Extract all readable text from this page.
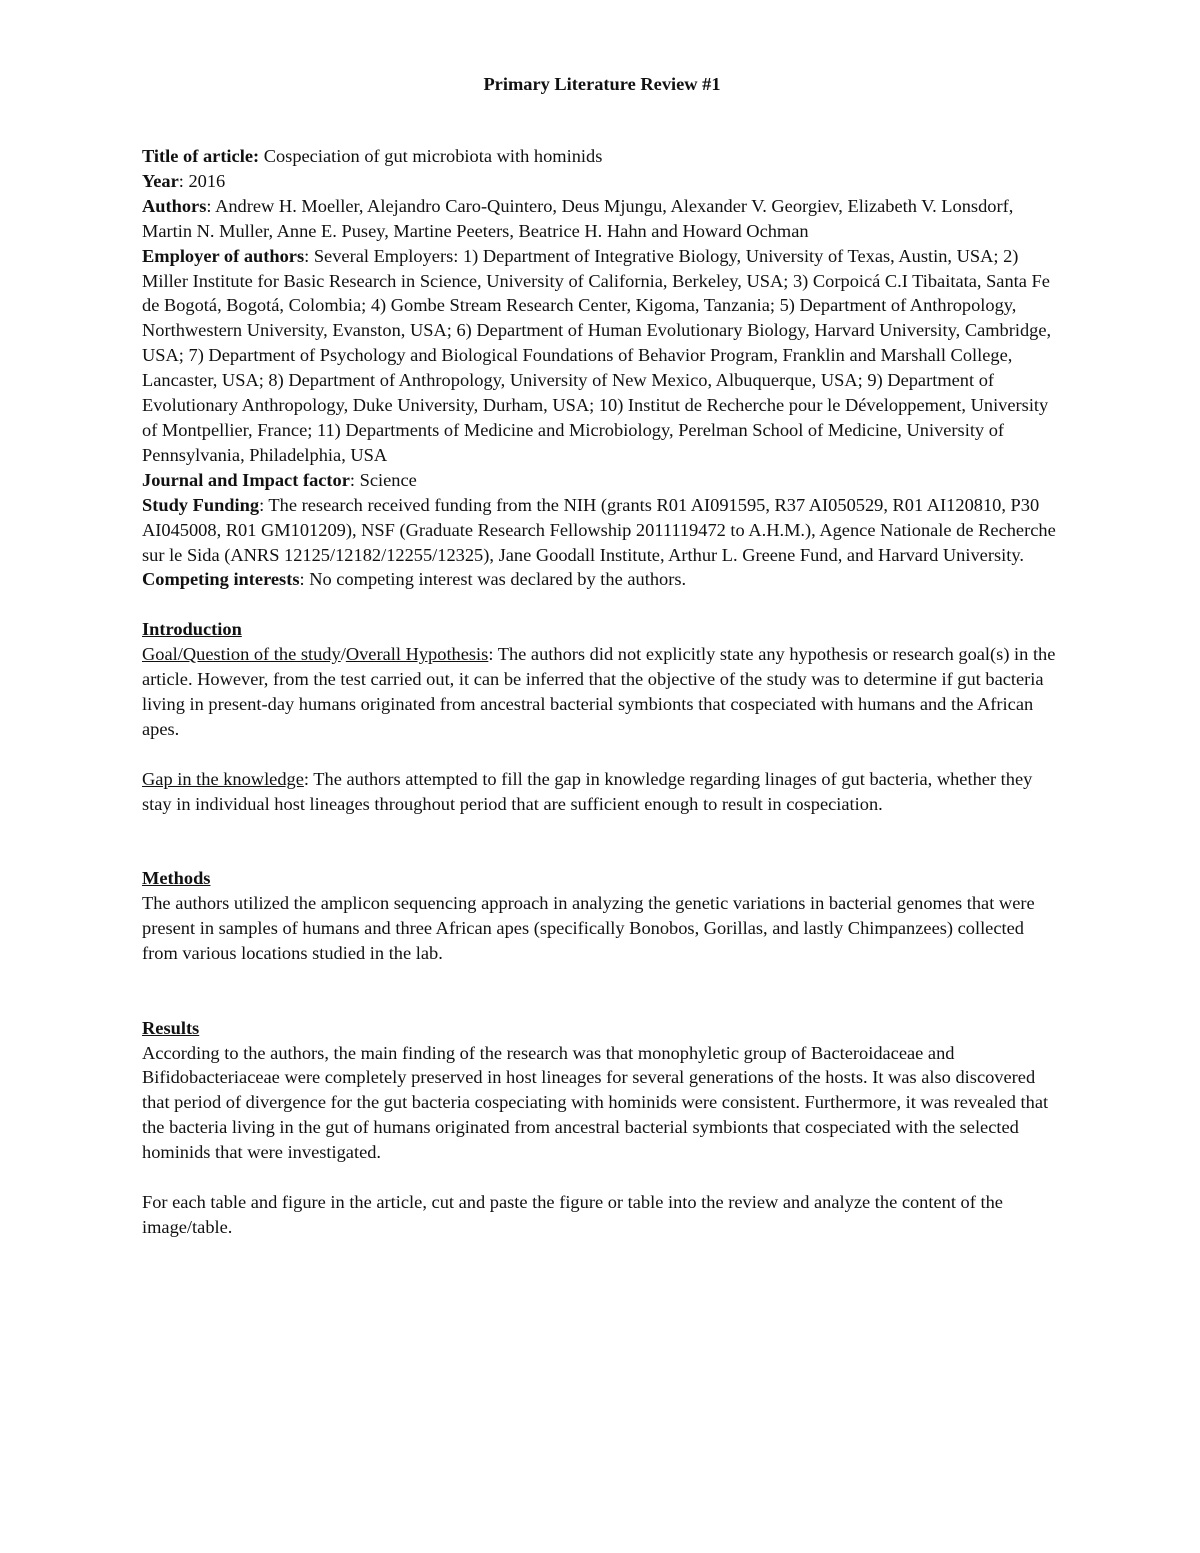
Primary Literature Review #1

Title of article: Cospeciation of gut microbiota with hominids

Year: 2016

Authors: Andrew H. Moeller, Alejandro Caro-Quintero, Deus Mjungu, Alexander V. Georgiev, Elizabeth V. Lonsdorf, Martin N. Muller, Anne E. Pusey, Martine Peeters, Beatrice H. Hahn and Howard Ochman

Employer of authors: Several Employers: 1) Department of Integrative Biology, University of Texas, Austin, USA; 2) Miller Institute for Basic Research in Science, University of California, Berkeley, USA; 3) Corpoicá C.I Tibaitata, Santa Fe de Bogotá, Bogotá, Colombia; 4) Gombe Stream Research Center, Kigoma, Tanzania; 5) Department of Anthropology, Northwestern University, Evanston, USA; 6) Department of Human Evolutionary Biology, Harvard University, Cambridge, USA; 7) Department of Psychology and Biological Foundations of Behavior Program, Franklin and Marshall College, Lancaster, USA; 8) Department of Anthropology, University of New Mexico, Albuquerque, USA; 9) Department of Evolutionary Anthropology, Duke University, Durham, USA; 10) Institut de Recherche pour le Développement, University of Montpellier, France; 11) Departments of Medicine and Microbiology, Perelman School of Medicine, University of Pennsylvania, Philadelphia, USA

Journal and Impact factor: Science

Study Funding: The research received funding from the NIH (grants R01 AI091595, R37 AI050529, R01 AI120810, P30 AI045008, R01 GM101209), NSF (Graduate Research Fellowship 2011119472 to A.H.M.), Agence Nationale de Recherche sur le Sida (ANRS 12125/12182/12255/12325), Jane Goodall Institute, Arthur L. Greene Fund, and Harvard University.

Competing interests: No competing interest was declared by the authors.

Introduction

Goal/Question of the study/Overall Hypothesis: The authors did not explicitly state any hypothesis or research goal(s) in the article. However, from the test carried out, it can be inferred that the objective of the study was to determine if gut bacteria living in present-day humans originated from ancestral bacterial symbionts that cospeciated with humans and the African apes.

Gap in the knowledge: The authors attempted to fill the gap in knowledge regarding linages of gut bacteria, whether they stay in individual host lineages throughout period that are sufficient enough to result in cospeciation.

Methods

The authors utilized the amplicon sequencing approach in analyzing the genetic variations in bacterial genomes that were present in samples of humans and three African apes (specifically Bonobos, Gorillas, and lastly Chimpanzees) collected from various locations studied in the lab.

Results

According to the authors, the main finding of the research was that monophyletic group of Bacteroidaceae and Bifidobacteriaceae were completely preserved in host lineages for several generations of the hosts. It was also discovered that period of divergence for the gut bacteria cospeciating with hominids were consistent. Furthermore, it was revealed that the bacteria living in the gut of humans originated from ancestral bacterial symbionts that cospeciated with the selected hominids that were investigated.

For each table and figure in the article, cut and paste the figure or table into the review and analyze the content of the image/table.
